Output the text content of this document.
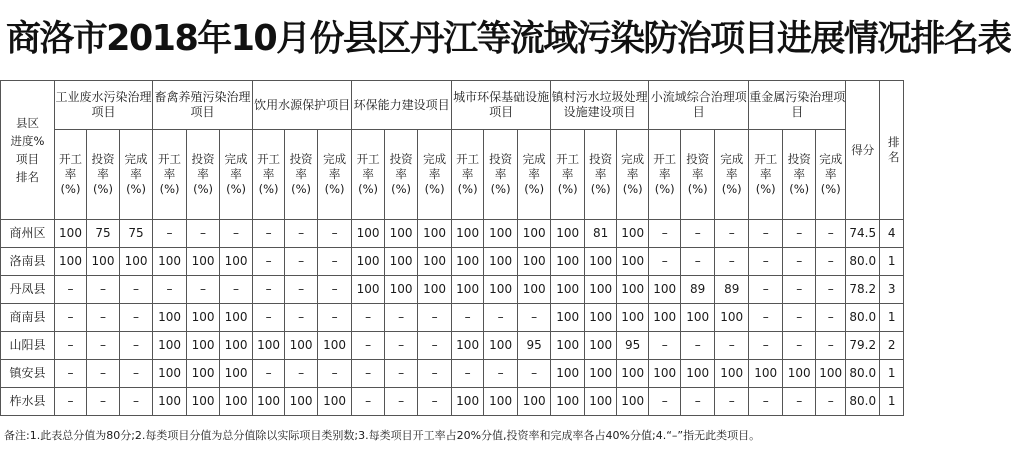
商洛市2018年10月份县区丹江等流域污染防治项目进展情况排名表
县区
进度%
项目
排名	工业废水污染治理项目			畜禽养殖污染治理项目			饮用水源保护项目			环保能力建设项目			城市环保基础设施项目			镇村污水垃圾处理设施建设项目			小流域综合治理项目			重金属污染治理项目			得分	排名
	开工
率
(%)	投资
率
(%)	完成
率
(%)	开工
率
(%)	投资
率
(%)	完成
率
(%)	开工
率
(%)	投资
率
(%)	完成
率
(%)	开工
率
(%)	投资
率
(%)	完成
率
(%)	开工
率
(%)	投资
率
(%)	完成
率
(%)	开工
率
(%)	投资
率
(%)	完成
率
(%)	开工
率
(%)	投资
率
(%)	完成
率
(%)	开工
率
(%)	投资
率
(%)	完成
率
(%)		
商州区	100	75	75	–	–	–	–	–	–	100	100	100	100	100	100	100	81	100	–	–	–	–	–	–	74.5	4
洛南县	100	100	100	100	100	100	–	–	–	100	100	100	100	100	100	100	100	100	–	–	–	–	–	–	80.0	1
丹凤县	–	–	–	–	–	–	–	–	–	100	100	100	100	100	100	100	100	100	100	89	89	–	–	–	78.2	3
商南县	–	–	–	100	100	100	–	–	–	–	–	–	–	–	–	100	100	100	100	100	100	–	–	–	80.0	1
山阳县	–	–	–	100	100	100	100	100	100	–	–	–	100	100	95	100	100	95	–	–	–	–	–	–	79.2	2
镇安县	–	–	–	100	100	100	–	–	–	–	–	–	–	–	–	100	100	100	100	100	100	100	100	100	80.0	1
柞水县	–	–	–	100	100	100	100	100	100	–	–	–	100	100	100	100	100	100	–	–	–	–	–	–	80.0	1
备注:1.此表总分值为80分;2.每类项目分值为总分值除以实际项目类别数;3.每类项目开工率占20%分值,投资率和完成率各占40%分值;4.“–”指无此类项目。
